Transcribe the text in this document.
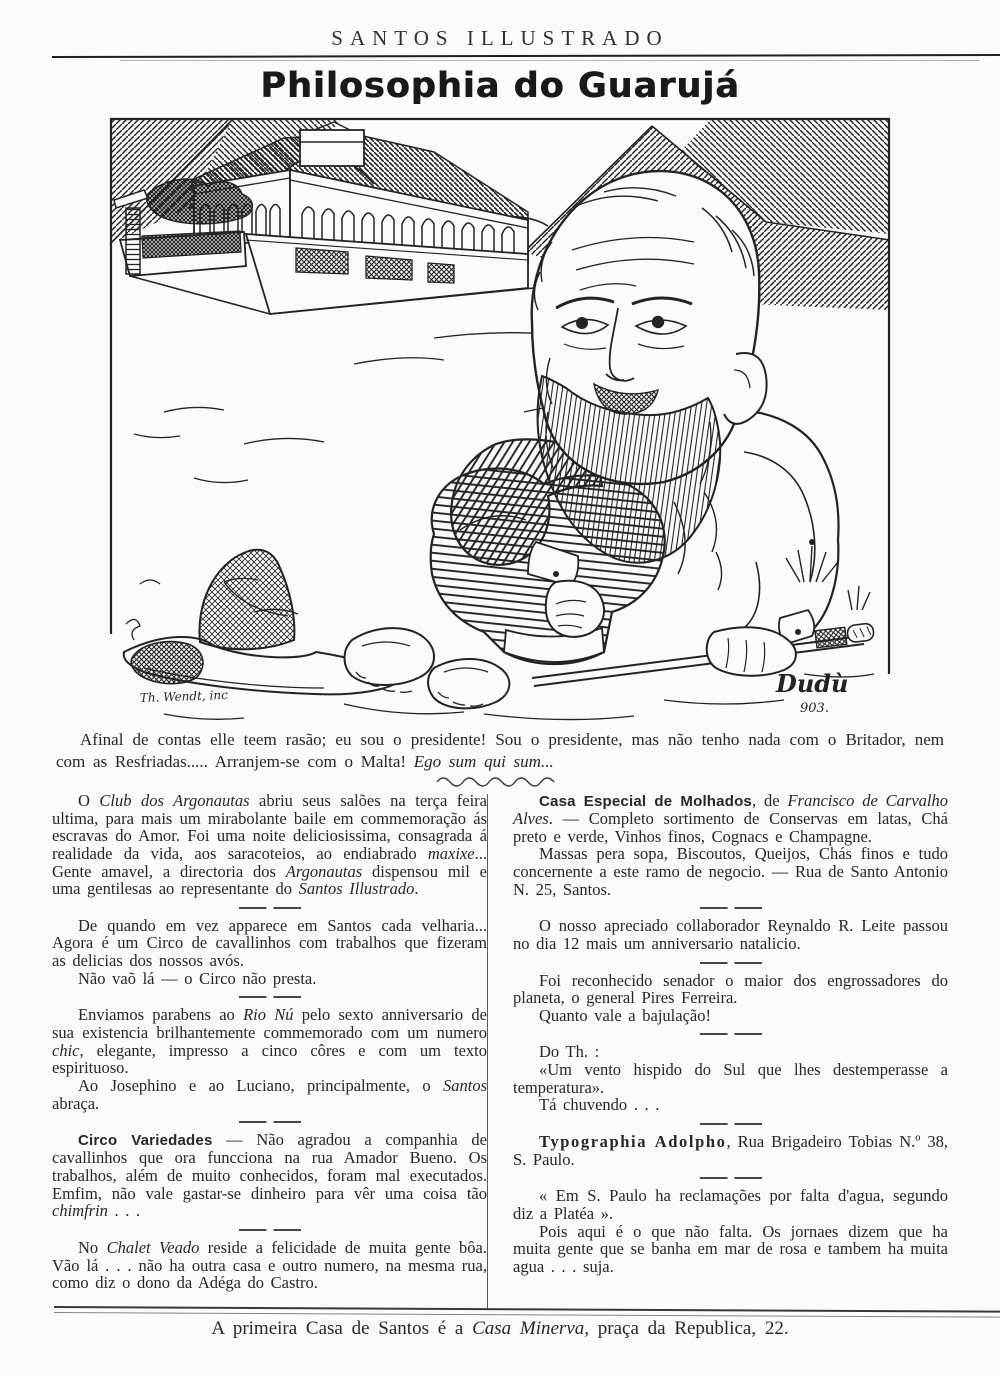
SANTOS ILLUSTRADO
Philosophia do Guarujá
Th. Wendt, inc	Dudù
903.

Afinal de contas elle teem rasão; eu sou o presidente! Sou o presidente, mas não tenho nada com o Britador, nem com as Resfriadas..... Arranjem-se com o Malta! Ego sum qui sum...

O Club dos Argonautas abriu seus salões na terça feira ultima, para mais um mirabolante baile em commemoração ás escravas do Amor. Foi uma noite deliciosissima, consagrada á realidade da vida, aos saracoteios, ao endiabrado maxixe... Gente amavel, a directoria dos Argonautas dispensou mil e uma gentilesas ao representante do Santos Illustrado.

De quando em vez apparece em Santos cada velharia... Agora é um Circo de cavallinhos com trabalhos que fizeram as delicias dos nossos avós.

Não vaõ lá — o Circo não presta.

Enviamos parabens ao Rio Nú pelo sexto anniversario de sua existencia brilhantemente commemorado com um numero chic, elegante, impresso a cinco côres e com um texto espirituoso.

Ao Josephino e ao Luciano, principalmente, o Santos abraça.

Circo Variedades — Não agradou a companhia de cavallinhos que ora funcciona na rua Amador Bueno. Os trabalhos, além de muito conhecidos, foram mal executados. Emfim, não vale gastar-se dinheiro para vêr uma coisa tão chimfrin . . .

No Chalet Veado reside a felicidade de muita gente bôa. Vão lá . . . não ha outra casa e outro numero, na mesma rua, como diz o dono da Adéga do Castro.

Casa Especial de Molhados, de Francisco de Carvalho Alves. — Completo sortimento de Conservas em latas, Chá preto e verde, Vinhos finos, Cognacs e Champagne.

Massas pera sopa, Biscoutos, Queijos, Chás finos e tudo concernente a este ramo de negocio. — Rua de Santo Antonio N. 25, Santos.

O nosso apreciado collaborador Reynaldo R. Leite passou no dia 12 mais um anniversario natalicio.

Foi reconhecido senador o maior dos engrossadores do planeta, o general Pires Ferreira.

Quanto vale a bajulação!

Do Th. :

«Um vento hispido do Sul que lhes destemperasse a temperatura».

Tá chuvendo . . .

Typographia Adolpho, Rua Brigadeiro Tobias N.º 38, S. Paulo.

« Em S. Paulo ha reclamações por falta d'agua, segundo diz a Platéa ».

Pois aqui é o que não falta. Os jornaes dizem que ha muita gente que se banha em mar de rosa e tambem ha muita agua . . . suja.

A primeira Casa de Santos é a Casa Minerva, praça da Republica, 22.
